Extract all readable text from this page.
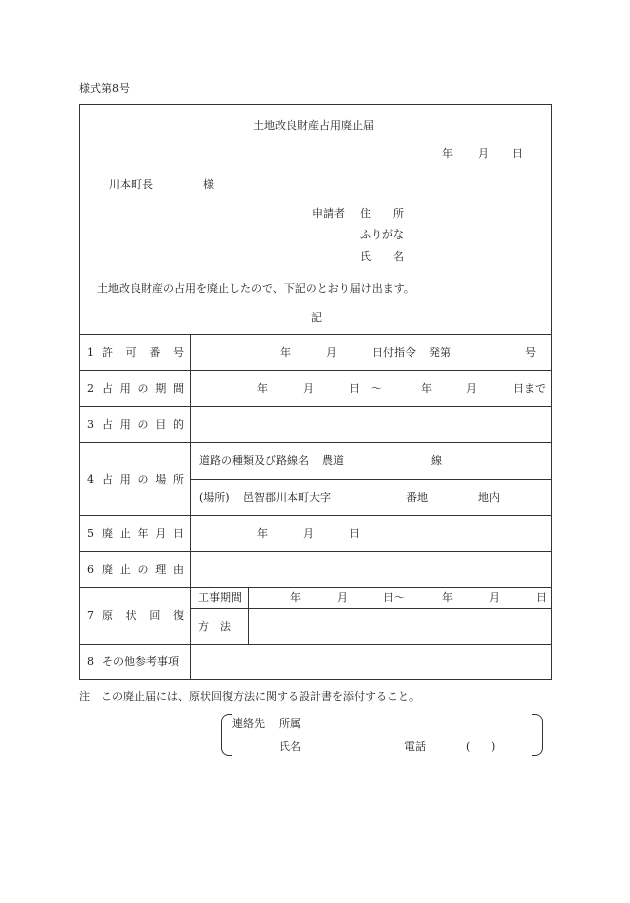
様式第8号
土地改良財産占用廃止届
年 月 日
川本町長	様
申請者 住　　所
ふりがな
氏　　名
土地改良財産の占用を廃止したので、下記のとおり届け出ます。
記
1 許 可 番 号	年	月	日付指令 発第	号
2 占 用 の 期 間	年	月	日 〜	年	月	日まで
3 占 用 の 目 的
4 占 用 の 場 所
道路の種類及び路線名 農道	線
(場所) 邑智郡川本町大字	番地	地内
5 廃 止 年 月 日	年	月	日
6 廃 止 の 理 由
7 原 状 回 復
工事期間	年	月	日〜	年	月	日
方　法
8 その他参考事項
注　この廃止届には、原状回復方法に関する設計書を添付すること。
連絡先 所属
氏名	電話	( )
